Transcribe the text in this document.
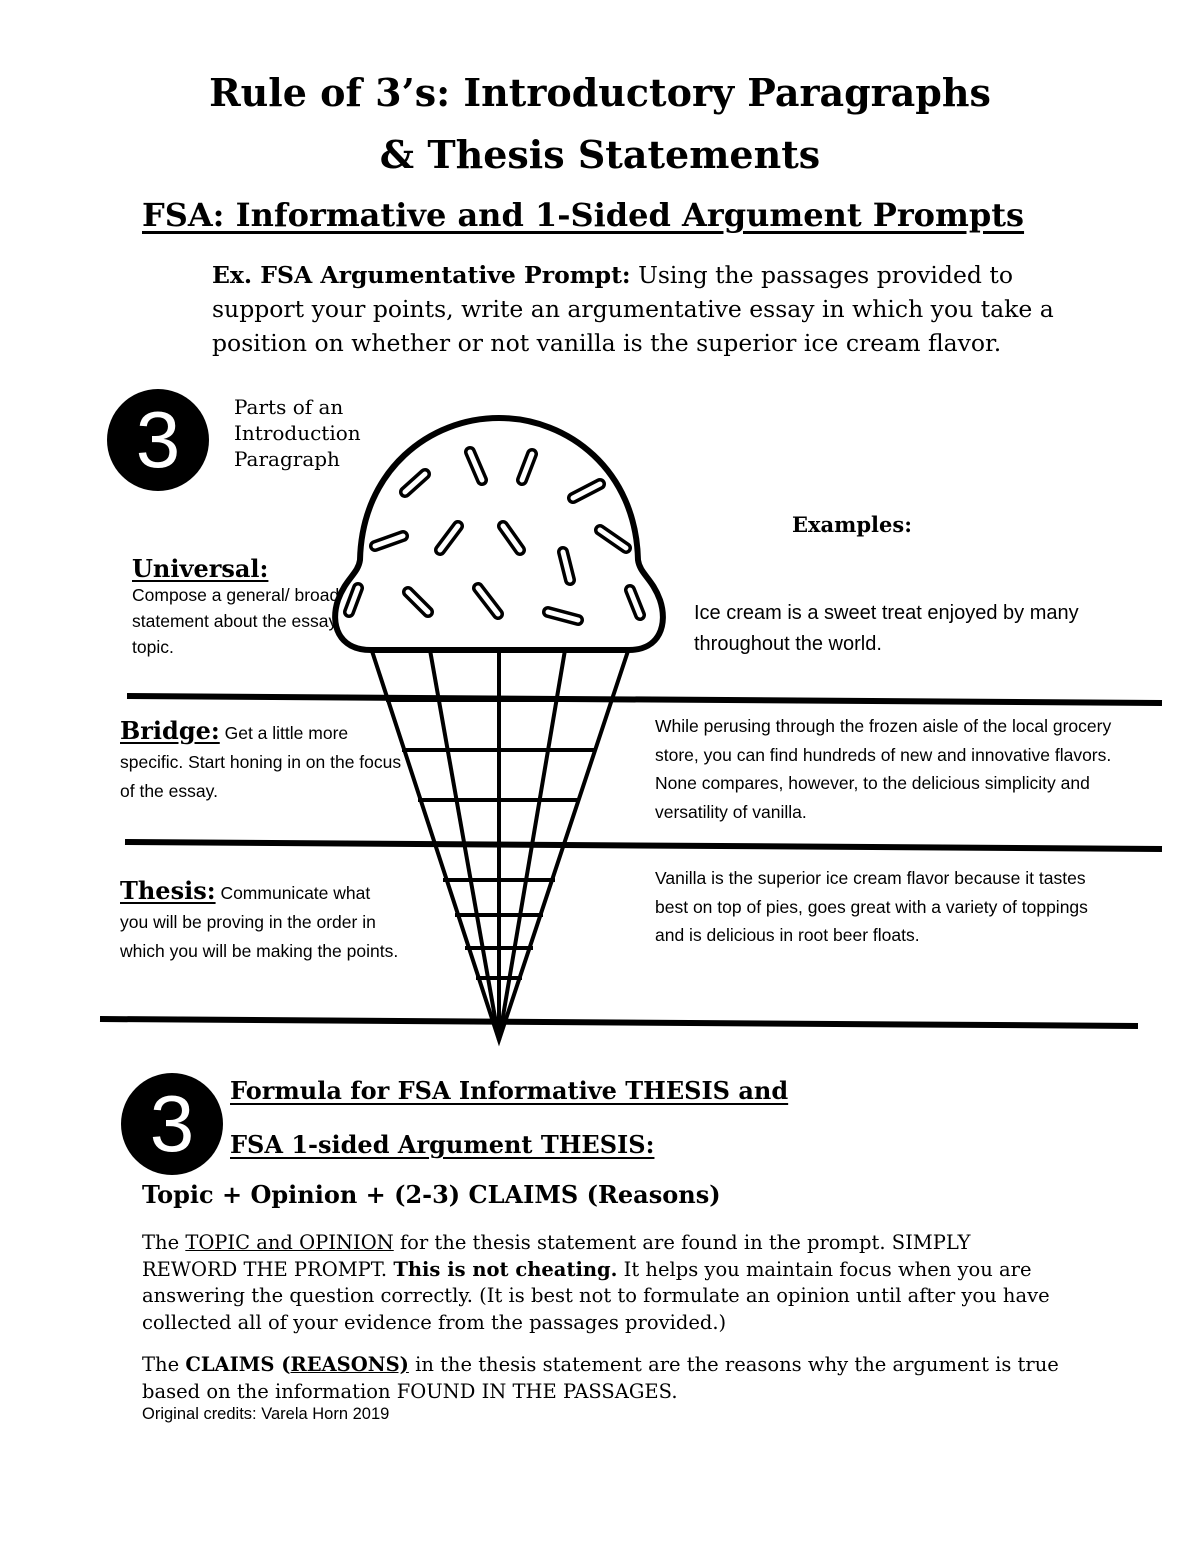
Rule of 3’s: Introductory Paragraphs
& Thesis Statements
FSA: Informative and 1-Sided Argument Prompts
Ex. FSA Argumentative Prompt: Using the passages provided to support your points, write an argumentative essay in which you take a position on whether or not vanilla is the superior ice cream flavor.
3	Parts of an Introduction Paragraph
Examples:
Universal:
Compose a general/ broad statement about the essay topic.
Ice cream is a sweet treat enjoyed by many throughout the world.
Bridge: Get a little more specific. Start honing in on the focus of the essay.
While perusing through the frozen aisle of the local grocery store, you can find hundreds of new and innovative flavors. None compares, however, to the delicious simplicity and versatility of vanilla.
Thesis: Communicate what you will be proving in the order in which you will be making the points.
Vanilla is the superior ice cream flavor because it tastes best on top of pies, goes great with a variety of toppings and is delicious in root beer floats.
3	Formula for FSA Informative THESIS and
FSA 1-sided Argument THESIS:
Topic + Opinion + (2-3) CLAIMS (Reasons)
The TOPIC and OPINION for the thesis statement are found in the prompt. SIMPLY REWORD THE PROMPT. This is not cheating. It helps you maintain focus when you are answering the question correctly. (It is best not to formulate an opinion until after you have collected all of your evidence from the passages provided.)
The CLAIMS (REASONS) in the thesis statement are the reasons why the argument is true based on the information FOUND IN THE PASSAGES.
Original credits: Varela Horn 2019
